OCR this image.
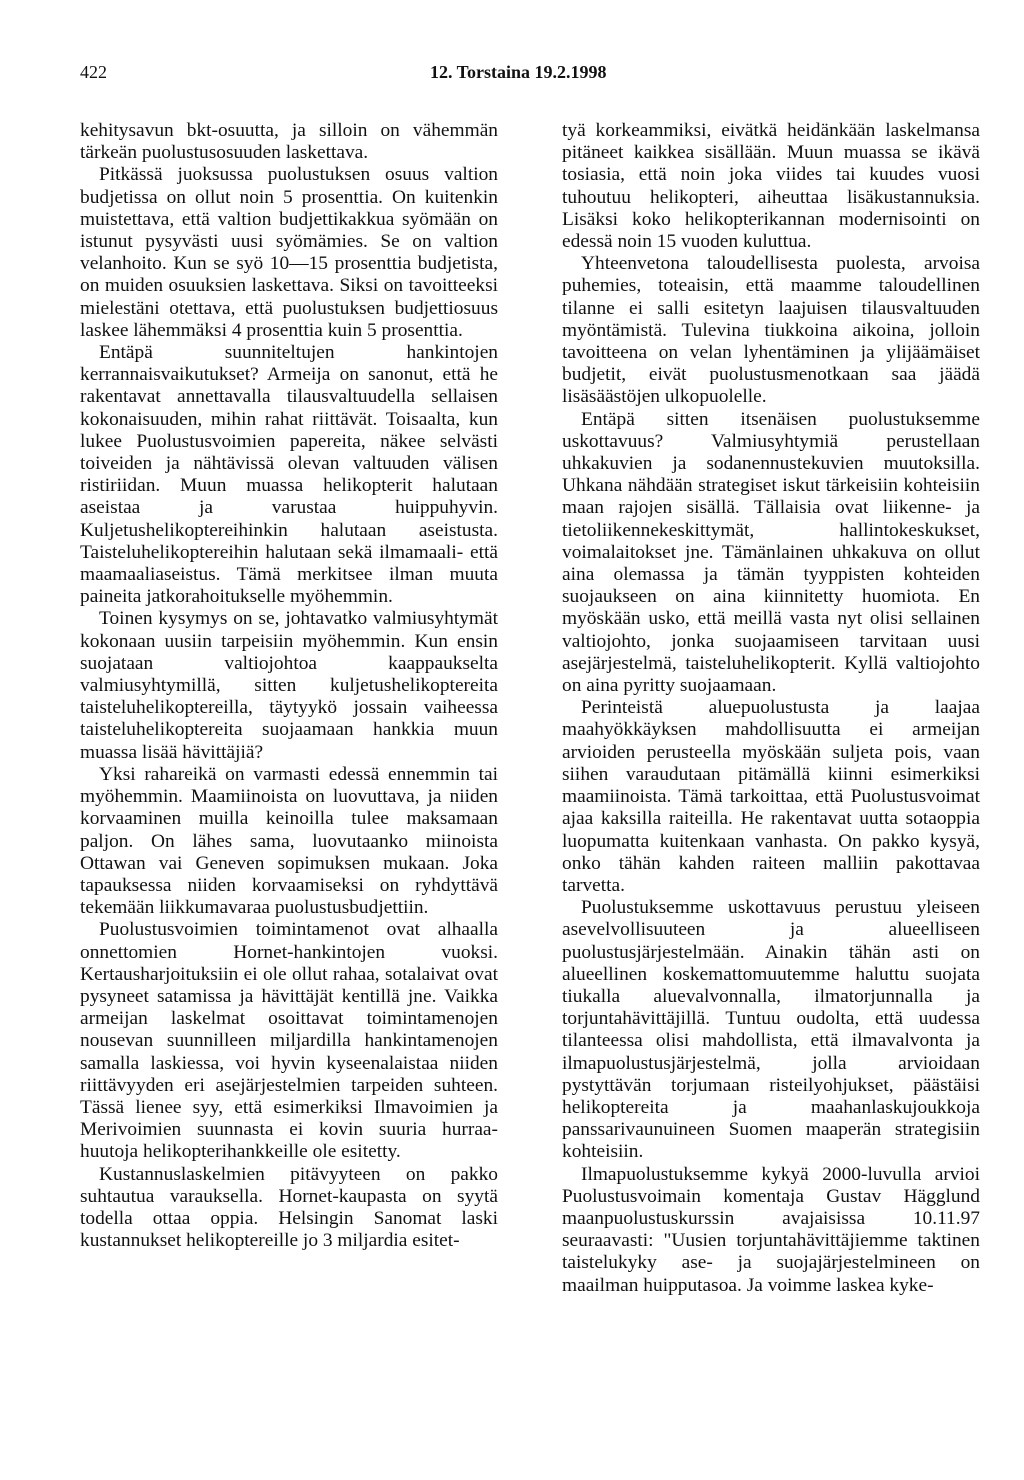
422	12. Torstaina 19.2.1998

kehitysavun bkt-osuutta, ja silloin on vähemmän tärkeän puolustusosuuden laskettava.

Pitkässä juoksussa puolustuksen osuus valtion budjetissa on ollut noin 5 prosenttia. On kuitenkin muistettava, että valtion budjettikakkua syömään on istunut pysyvästi uusi syömämies. Se on valtion velanhoito. Kun se syö 10—15 prosenttia budjetista, on muiden osuuksien laskettava. Siksi on tavoitteeksi mielestäni otettava, että puolustuksen budjettiosuus laskee lähemmäksi 4 prosenttia kuin 5 prosenttia.

Entäpä suunniteltujen hankintojen kerrannaisvaikutukset? Armeija on sanonut, että he rakentavat annettavalla tilausvaltuudella sellaisen kokonaisuuden, mihin rahat riittävät. Toisaalta, kun lukee Puolustusvoimien papereita, näkee selvästi toiveiden ja nähtävissä olevan valtuuden välisen ristiriidan. Muun muassa helikopterit halutaan aseistaa ja varustaa huippuhyvin. Kuljetushelikoptereihinkin halutaan aseistusta. Taisteluhelikoptereihin halutaan sekä ilmamaali- että maamaaliaseistus. Tämä merkitsee ilman muuta paineita jatkorahoitukselle myöhemmin.

Toinen kysymys on se, johtavatko valmiusyhtymät kokonaan uusiin tarpeisiin myöhemmin. Kun ensin suojataan valtiojohtoa kaappaukselta valmiusyhtymillä, sitten kuljetushelikoptereita taisteluhelikoptereilla, täytyykö jossain vaiheessa taisteluhelikoptereita suojaamaan hankkia muun muassa lisää hävittäjiä?

Yksi rahareikä on varmasti edessä ennemmin tai myöhemmin. Maamiinoista on luovuttava, ja niiden korvaaminen muilla keinoilla tulee maksamaan paljon. On lähes sama, luovutaanko miinoista Ottawan vai Geneven sopimuksen mukaan. Joka tapauksessa niiden korvaamiseksi on ryhdyttävä tekemään liikkumavaraa puolustusbudjettiin.

Puolustusvoimien toimintamenot ovat alhaalla onnettomien Hornet-hankintojen vuoksi. Kertausharjoituksiin ei ole ollut rahaa, sotalaivat ovat pysyneet satamissa ja hävittäjät kentillä jne. Vaikka armeijan laskelmat osoittavat toimintamenojen nousevan suunnilleen miljardilla hankintamenojen samalla laskiessa, voi hyvin kyseenalaistaa niiden riittävyyden eri asejärjestelmien tarpeiden suhteen. Tässä lienee syy, että esimerkiksi Ilmavoimien ja Merivoimien suunnasta ei kovin suuria hurraa-huutoja helikopterihankkeille ole esitetty.

Kustannuslaskelmien pitävyyteen on pakko suhtautua varauksella. Hornet-kaupasta on syytä todella ottaa oppia. Helsingin Sanomat laski kustannukset helikoptereille jo 3 miljardia esitet-

tyä korkeammiksi, eivätkä heidänkään laskelmansa pitäneet kaikkea sisällään. Muun muassa se ikävä tosiasia, että noin joka viides tai kuudes vuosi tuhoutuu helikopteri, aiheuttaa lisäkustannuksia. Lisäksi koko helikopterikannan modernisointi on edessä noin 15 vuoden kuluttua.

Yhteenvetona taloudellisesta puolesta, arvoisa puhemies, toteaisin, että maamme taloudellinen tilanne ei salli esitetyn laajuisen tilausvaltuuden myöntämistä. Tulevina tiukkoina aikoina, jolloin tavoitteena on velan lyhentäminen ja ylijäämäiset budjetit, eivät puolustusmenotkaan saa jäädä lisäsäästöjen ulkopuolelle.

Entäpä sitten itsenäisen puolustuksemme uskottavuus? Valmiusyhtymiä perustellaan uhkakuvien ja sodanennustekuvien muutoksilla. Uhkana nähdään strategiset iskut tärkeisiin kohteisiin maan rajojen sisällä. Tällaisia ovat liikenne- ja tietoliikennekeskittymät, hallintokeskukset, voimalaitokset jne. Tämänlainen uhkakuva on ollut aina olemassa ja tämän tyyppisten kohteiden suojaukseen on aina kiinnitetty huomiota. En myöskään usko, että meillä vasta nyt olisi sellainen valtiojohto, jonka suojaamiseen tarvitaan uusi asejärjestelmä, taisteluhelikopterit. Kyllä valtiojohto on aina pyritty suojaamaan.

Perinteistä aluepuolustusta ja laajaa maahyökkäyksen mahdollisuutta ei armeijan arvioiden perusteella myöskään suljeta pois, vaan siihen varaudutaan pitämällä kiinni esimerkiksi maamiinoista. Tämä tarkoittaa, että Puolustusvoimat ajaa kaksilla raiteilla. He rakentavat uutta sotaoppia luopumatta kuitenkaan vanhasta. On pakko kysyä, onko tähän kahden raiteen malliin pakottavaa tarvetta.

Puolustuksemme uskottavuus perustuu yleiseen asevelvollisuuteen ja alueelliseen puolustusjärjestelmään. Ainakin tähän asti on alueellinen koskemattomuutemme haluttu suojata tiukalla aluevalvonnalla, ilmatorjunnalla ja torjuntahävittäjillä. Tuntuu oudolta, että uudessa tilanteessa olisi mahdollista, että ilmavalvonta ja ilmapuolustusjärjestelmä, jolla arvioidaan pystyttävän torjumaan risteilyohjukset, päästäisi helikoptereita ja maahanlaskujoukkoja panssarivaunuineen Suomen maaperän strategisiin kohteisiin.

Ilmapuolustuksemme kykyä 2000-luvulla arvioi Puolustusvoimain komentaja Gustav Hägglund maanpuolustuskurssin avajaisissa 10.11.97 seuraavasti: "Uusien torjuntahävittäjiemme taktinen taistelukyky ase- ja suojajärjestelmineen on maailman huipputasoa. Ja voimme laskea kyke-
